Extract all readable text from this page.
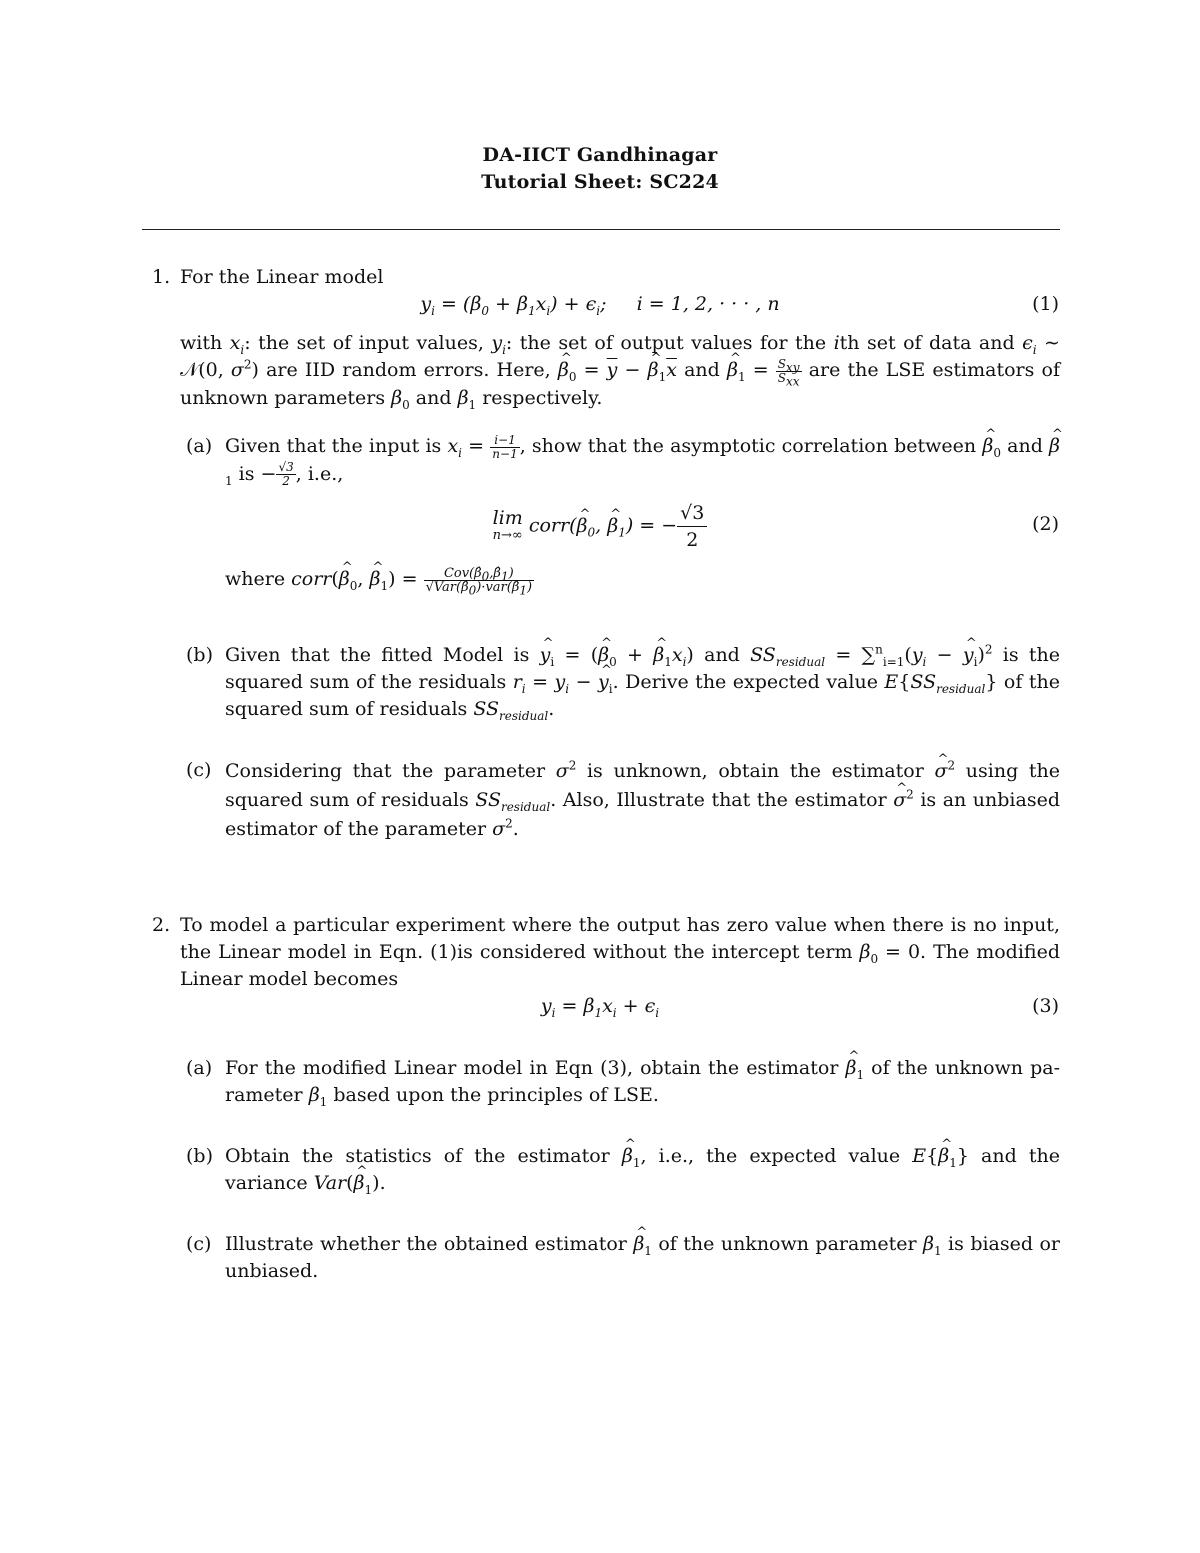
DA-IICT Gandhinagar
Tutorial Sheet: SC224
1. For the Linear model
$y_i = (\beta_0 + \beta_1x_i) + \epsilon_i$;     i = 1, 2, · · · , n	(1)
with $x_i$: the set of input values, $y_i$: the set of output values for the ith set of data and $\epsilon_i$ ∼ 𝒩(0, $\sigma^2$) are IID random errors. Here, ^ $\beta_0 = \overline{y}$ − ^ $\beta_1\overline{x}$ and ^ $\beta_1 = \frac{S_{xy}}{S_{xx}}$ are the LSE estimators of unknown parameters $\beta_0$ and $\beta_1$ respectively.
(a) Given that the input is $x_i = \frac{i-1}{n-1}$ , show that the asymptotic correlation between ^ $\beta_0$ and ^ $\beta_1$ is − $\frac{√3}{2}$ , i.e.,
lim
n→∞ corr(^ $\beta_0$, ^ $\beta_1$) = − $\frac{√3}{2}$	(2)
where corr(^ $\beta_0$, ^ $\beta_1) = \frac{Cov(\betâ_0,\betâ_1)}{√Var(\betâ_0)\cdot var(\betâ_1)}$
(b) Given that the fitted Model is ^ $y_i$ = (^ $\beta_0$ + ^ $\beta_1x_i$) and $SS_{residual} = \sum^n_{i=1}(y_i$ − ^ $y_i)^2$ is the squared sum of the residuals $r_i = y_i$ − ^ $y_i$. Derive the expected value $E\{SS_{residual}\}$ of the squared sum of residuals $SS_{residual}$.
(c) Considering that the parameter $\sigma^2$ is unknown, obtain the estimator ^ $\sigma^2$ using the squared sum of residuals $SS_{residual}$. Also, Illustrate that the estimator ^ $\sigma^2$ is an unbiased estimator of the parameter $\sigma^2$.
2. To model a particular experiment where the output has zero value when there is no input, the Linear model in Eqn. (1)is considered without the intercept term $\beta_0 = 0$. The modified Linear model becomes
$y_i = \beta_1x_i + \epsilon_i$	(3)
(a) For the modified Linear model in Eqn (3), obtain the estimator ^ $\beta_1$ of the unknown pa- rameter $\beta_1$ based upon the principles of LSE.
(b) Obtain the statistics of the estimator ^ $\beta_1$, i.e., the expected value E{^ $\beta_1$} and the variance Var(^ $\beta_1$).
(c) Illustrate whether the obtained estimator ^ $\beta_1$ of the unknown parameter $\beta_1$ is biased or unbiased.
